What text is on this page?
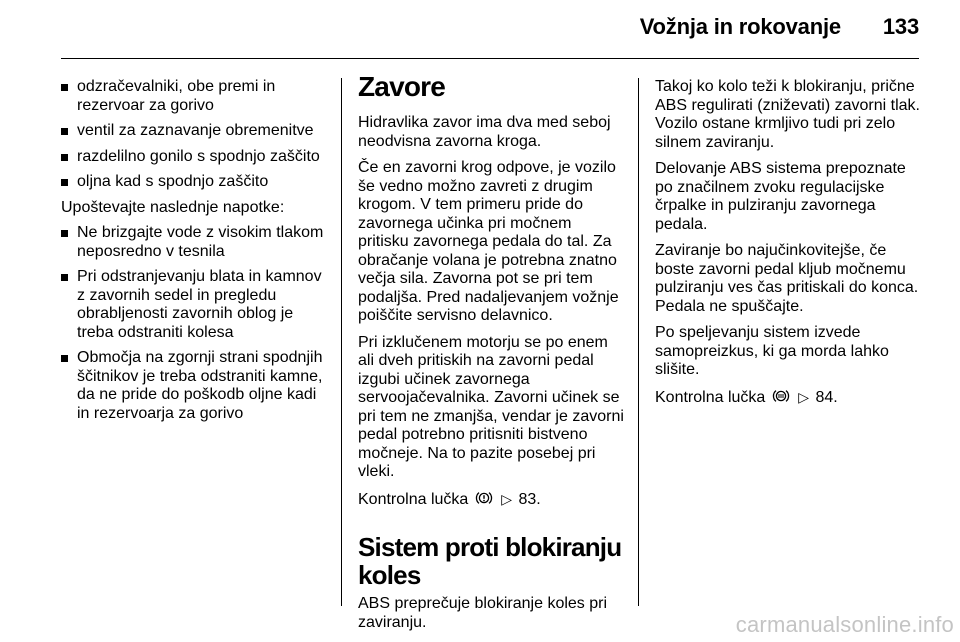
Vožnja in rokovanje 133
odzračevalniki, obe premi in rezervoar za gorivo
ventil za zaznavanje obremenitve
razdelilno gonilo s spodnjo zaščito
oljna kad s spodnjo zaščito

Upoštevajte naslednje napotke:

Ne brizgajte vode z visokim tlakom neposredno v tesnila
Pri odstranjevanju blata in kamnov z zavornih sedel in pregledu obrabljenosti zavornih oblog je treba odstraniti kolesa
Območja na zgornji strani spodnjih ščitnikov je treba odstraniti kamne, da ne pride do poškodb oljne kadi in rezervoarja za gorivo
Zavore

Hidravlika zavor ima dva med seboj neodvisna zavorna kroga.

Če en zavorni krog odpove, je vozilo še vedno možno zavreti z drugim krogom. V tem primeru pride do zavornega učinka pri močnem pritisku zavornega pedala do tal. Za obračanje volana je potrebna znatno večja sila. Zavorna pot se pri tem podaljša. Pred nadaljevanjem vožnje poiščite servisno delavnico.

Pri izklučenem motorju se po enem ali dveh pritiskih na zavorni pedal izgubi učinek zavornega servoojačevalnika. Zavorni učinek se pri tem ne zmanjša, vendar je zavorni pedal potrebno pritisniti bistveno močneje. Na to pazite posebej pri vleki.

Kontrolna lučka ▷ 83.

Sistem proti blokiranju koles

ABS preprečuje blokiranje koles pri zaviranju.

Takoj ko kolo teži k blokiranju, prične ABS regulirati (zniževati) zavorni tlak. Vozilo ostane krmljivo tudi pri zelo silnem zaviranju.

Delovanje ABS sistema prepoznate po značilnem zvoku regulacijske črpalke in pulziranju zavornega pedala.

Zaviranje bo najučinkovitejše, če boste zavorni pedal kljub močnemu pulziranju ves čas pritiskali do konca. Pedala ne spuščajte.

Po speljevanju sistem izvede samopreizkus, ki ga morda lahko slišite.

Kontrolna lučka ▷ 84.

carmanualsonline.info
